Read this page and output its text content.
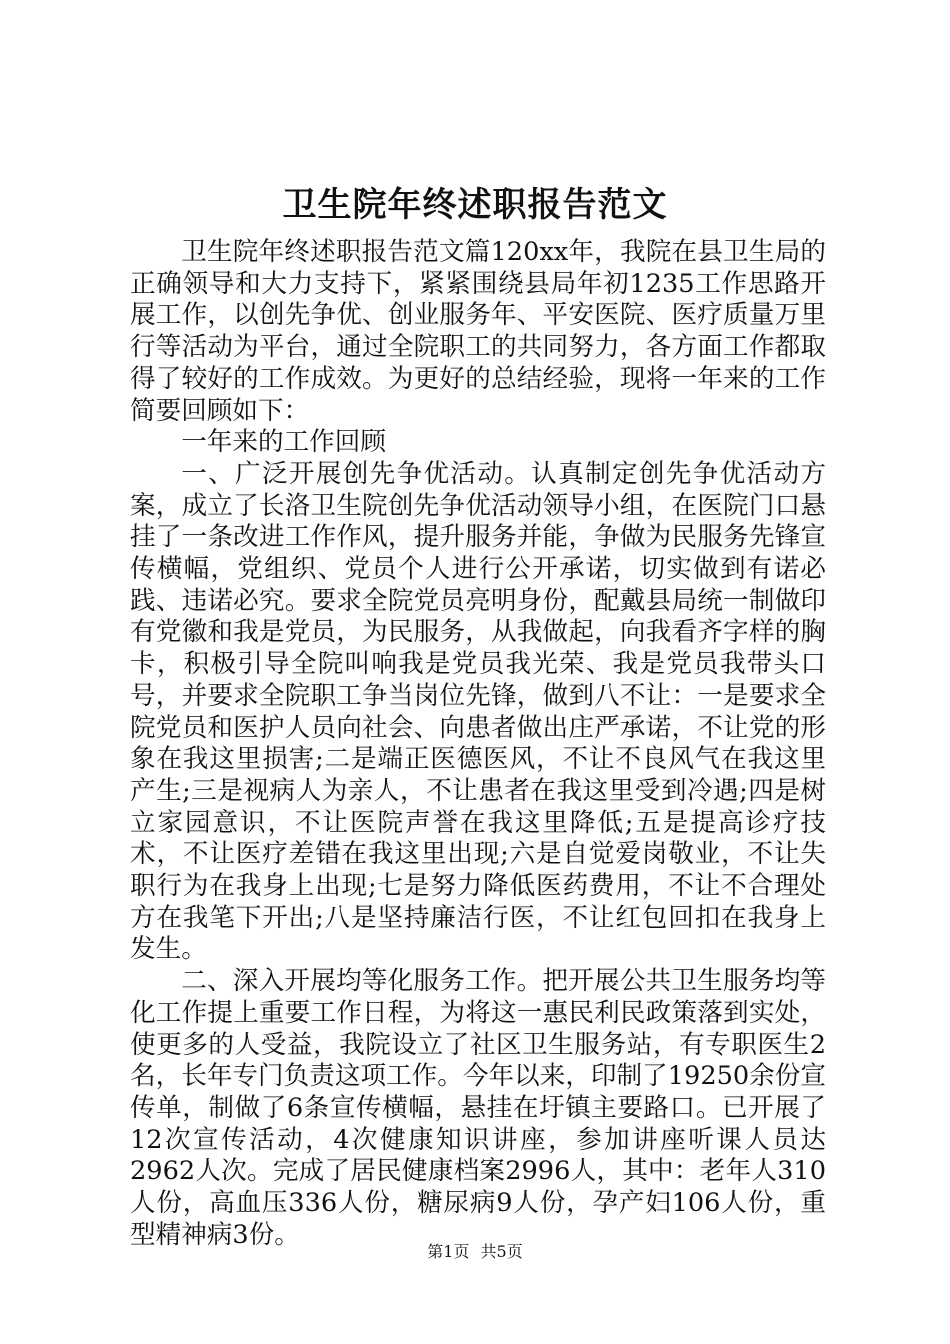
卫生院年终述职报告范文

卫生院年终述职报告范文篇120xx年，我院在县卫生局的正确领导和大力支持下，紧紧围绕县局年初1235工作思路开展工作，以创先争优、创业服务年、平安医院、医疗质量万里行等活动为平台，通过全院职工的共同努力，各方面工作都取得了较好的工作成效。为更好的总结经验，现将一年来的工作简要回顾如下：

一年来的工作回顾

一、广泛开展创先争优活动。认真制定创先争优活动方案，成立了长洛卫生院创先争优活动领导小组，在医院门口悬挂了一条改进工作作风，提升服务并能，争做为民服务先锋宣传横幅，党组织、党员个人进行公开承诺，切实做到有诺必践、违诺必究。要求全院党员亮明身份，配戴县局统一制做印有党徽和我是党员，为民服务，从我做起，向我看齐字样的胸卡，积极引导全院叫响我是党员我光荣、我是党员我带头口号，并要求全院职工争当岗位先锋，做到八不让：一是要求全院党员和医护人员向社会、向患者做出庄严承诺，不让党的形象在我这里损害;二是端正医德医风，不让不良风气在我这里产生;三是视病人为亲人，不让患者在我这里受到冷遇;四是树立家园意识，不让医院声誉在我这里降低;五是提高诊疗技术，不让医疗差错在我这里出现;六是自觉爱岗敬业，不让失职行为在我身上出现;七是努力降低医药费用，不让不合理处方在我笔下开出;八是坚持廉洁行医，不让红包回扣在我身上发生。

二、深入开展均等化服务工作。把开展公共卫生服务均等化工作提上重要工作日程，为将这一惠民利民政策落到实处，使更多的人受益，我院设立了社区卫生服务站，有专职医生2名，长年专门负责这项工作。今年以来，印制了19250余份宣传单，制做了6条宣传横幅，悬挂在圩镇主要路口。已开展了12次宣传活动，4次健康知识讲座，参加讲座听课人员达2962人次。完成了居民健康档案2996人，其中：老年人310人份，高血压336人份，糖尿病9人份，孕产妇106人份，重型精神病3份。

第1页 共5页
